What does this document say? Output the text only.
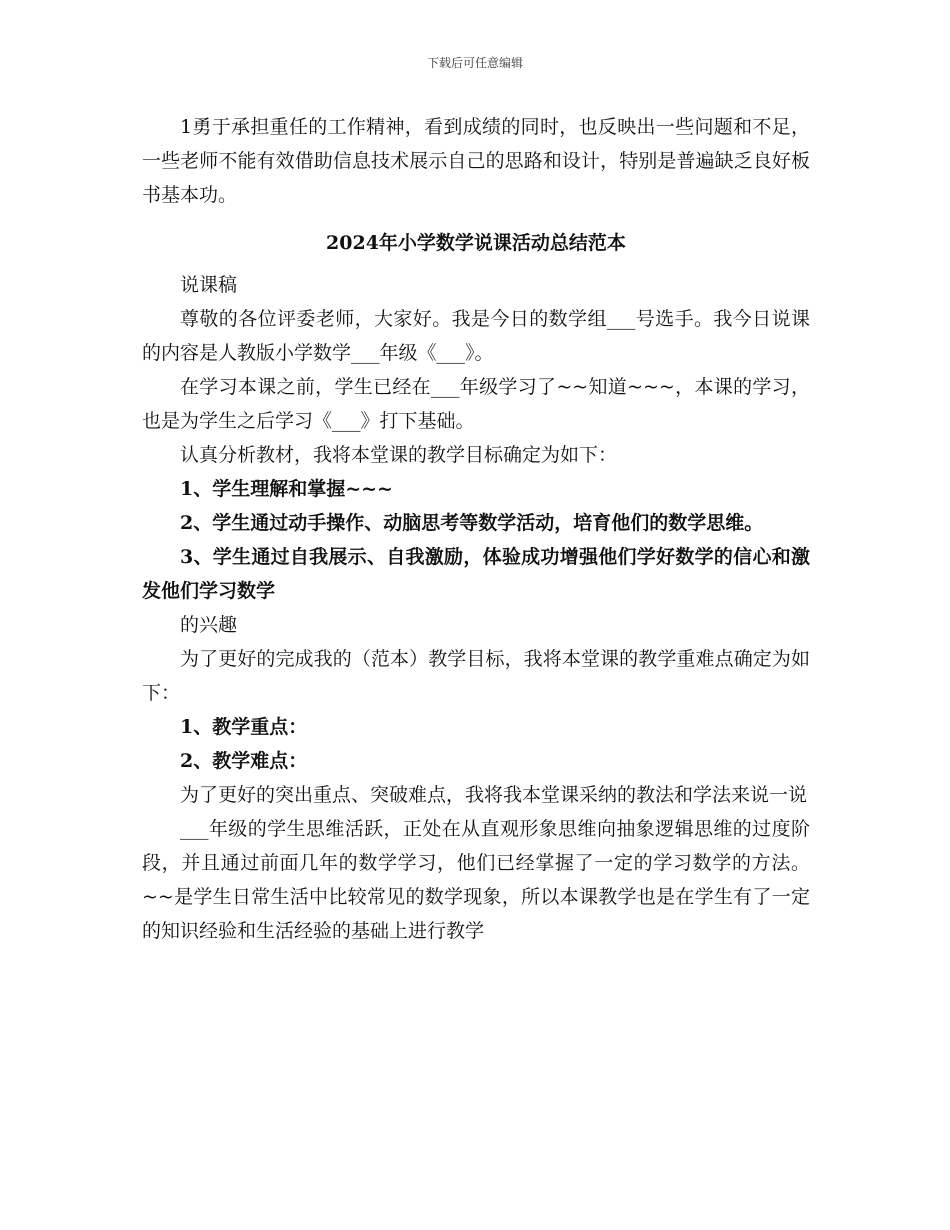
下载后可任意编辑

1勇于承担重任的工作精神，看到成绩的同时，也反映出一些问题和不足，一些老师不能有效借助信息技术展示自己的思路和设计，特别是普遍缺乏良好板书基本功。

2024年小学数学说课活动总结范本

说课稿

尊敬的各位评委老师，大家好。我是今日的数学组___号选手。我今日说课的内容是人教版小学数学___年级《___》。

在学习本课之前，学生已经在___年级学习了~~知道~~~，本课的学习，也是为学生之后学习《___》打下基础。

认真分析教材，我将本堂课的教学目标确定为如下：

1、学生理解和掌握~~~

2、学生通过动手操作、动脑思考等数学活动，培育他们的数学思维。

3、学生通过自我展示、自我激励，体验成功增强他们学好数学的信心和激发他们学习数学

的兴趣

为了更好的完成我的（范本）教学目标，我将本堂课的教学重难点确定为如下：

1、教学重点：

2、教学难点：

为了更好的突出重点、突破难点，我将我本堂课采纳的教法和学法来说一说

___年级的学生思维活跃，正处在从直观形象思维向抽象逻辑思维的过度阶段，并且通过前面几年的数学学习，他们已经掌握了一定的学习数学的方法。~~是学生日常生活中比较常见的数学现象，所以本课教学也是在学生有了一定的知识经验和生活经验的基础上进行教学
